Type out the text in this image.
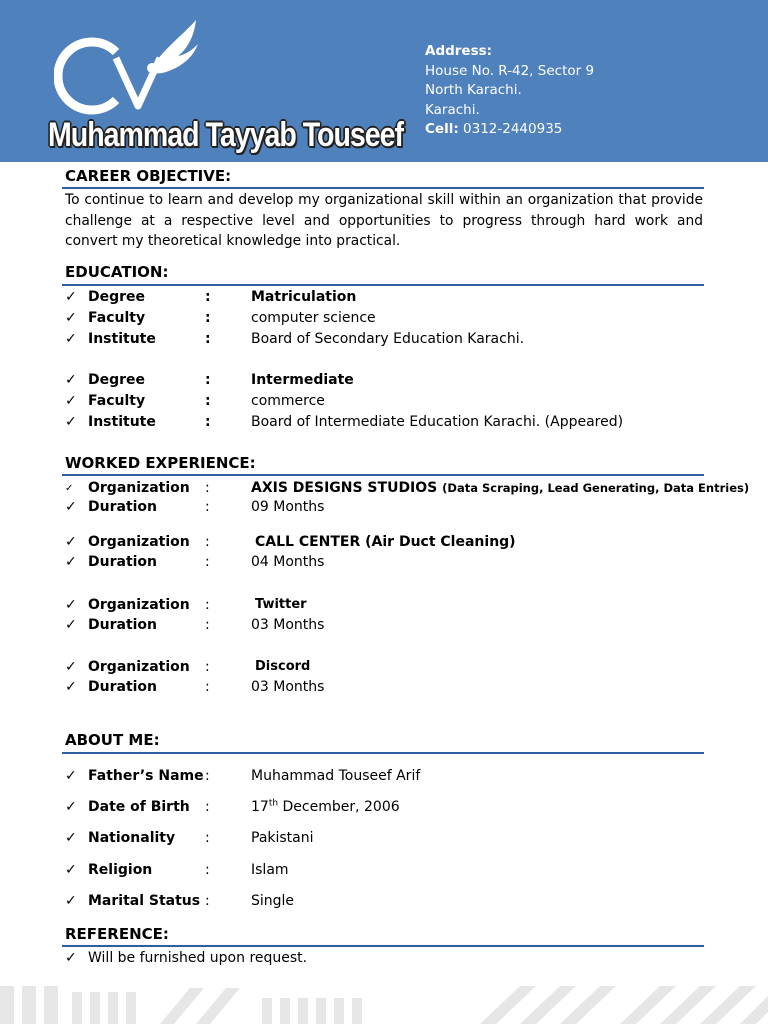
Muhammad Tayyab Touseef
Address:
House No. R-42, Sector 9
North Karachi.
Karachi.
Cell: 0312-2440935
CAREER OBJECTIVE:
To continue to learn and develop my organizational skill within an organization that provide challenge at a respective level and opportunities to progress through hard work and convert my theoretical knowledge into practical.
EDUCATION:
✓ Degree	:	Matriculation
✓ Faculty	:	computer science
✓ Institute	:	Board of Secondary Education Karachi.
✓ Degree	:	Intermediate
✓ Faculty	:	commerce
✓ Institute	:	Board of Intermediate Education Karachi. (Appeared)
WORKED EXPERIENCE:
✓	Organization :	AXIS DESIGNS STUDIOS (Data Scraping, Lead Generating, Data Entries)
✓ Duration	:	09 Months
✓ Organization :	CALL CENTER (Air Duct Cleaning)
✓ Duration	:	04 Months
✓ Organization :	Twitter
✓ Duration	:	03 Months
✓ Organization :	Discord
✓ Duration	:	03 Months
ABOUT ME:
✓ Father’s Name :	Muhammad Touseef Arif
✓ Date of Birth :	17th December, 2006
✓ Nationality :	Pakistani
✓ Religion	:	Islam
✓ Marital Status :	Single
REFERENCE:
✓ Will be furnished upon request.
